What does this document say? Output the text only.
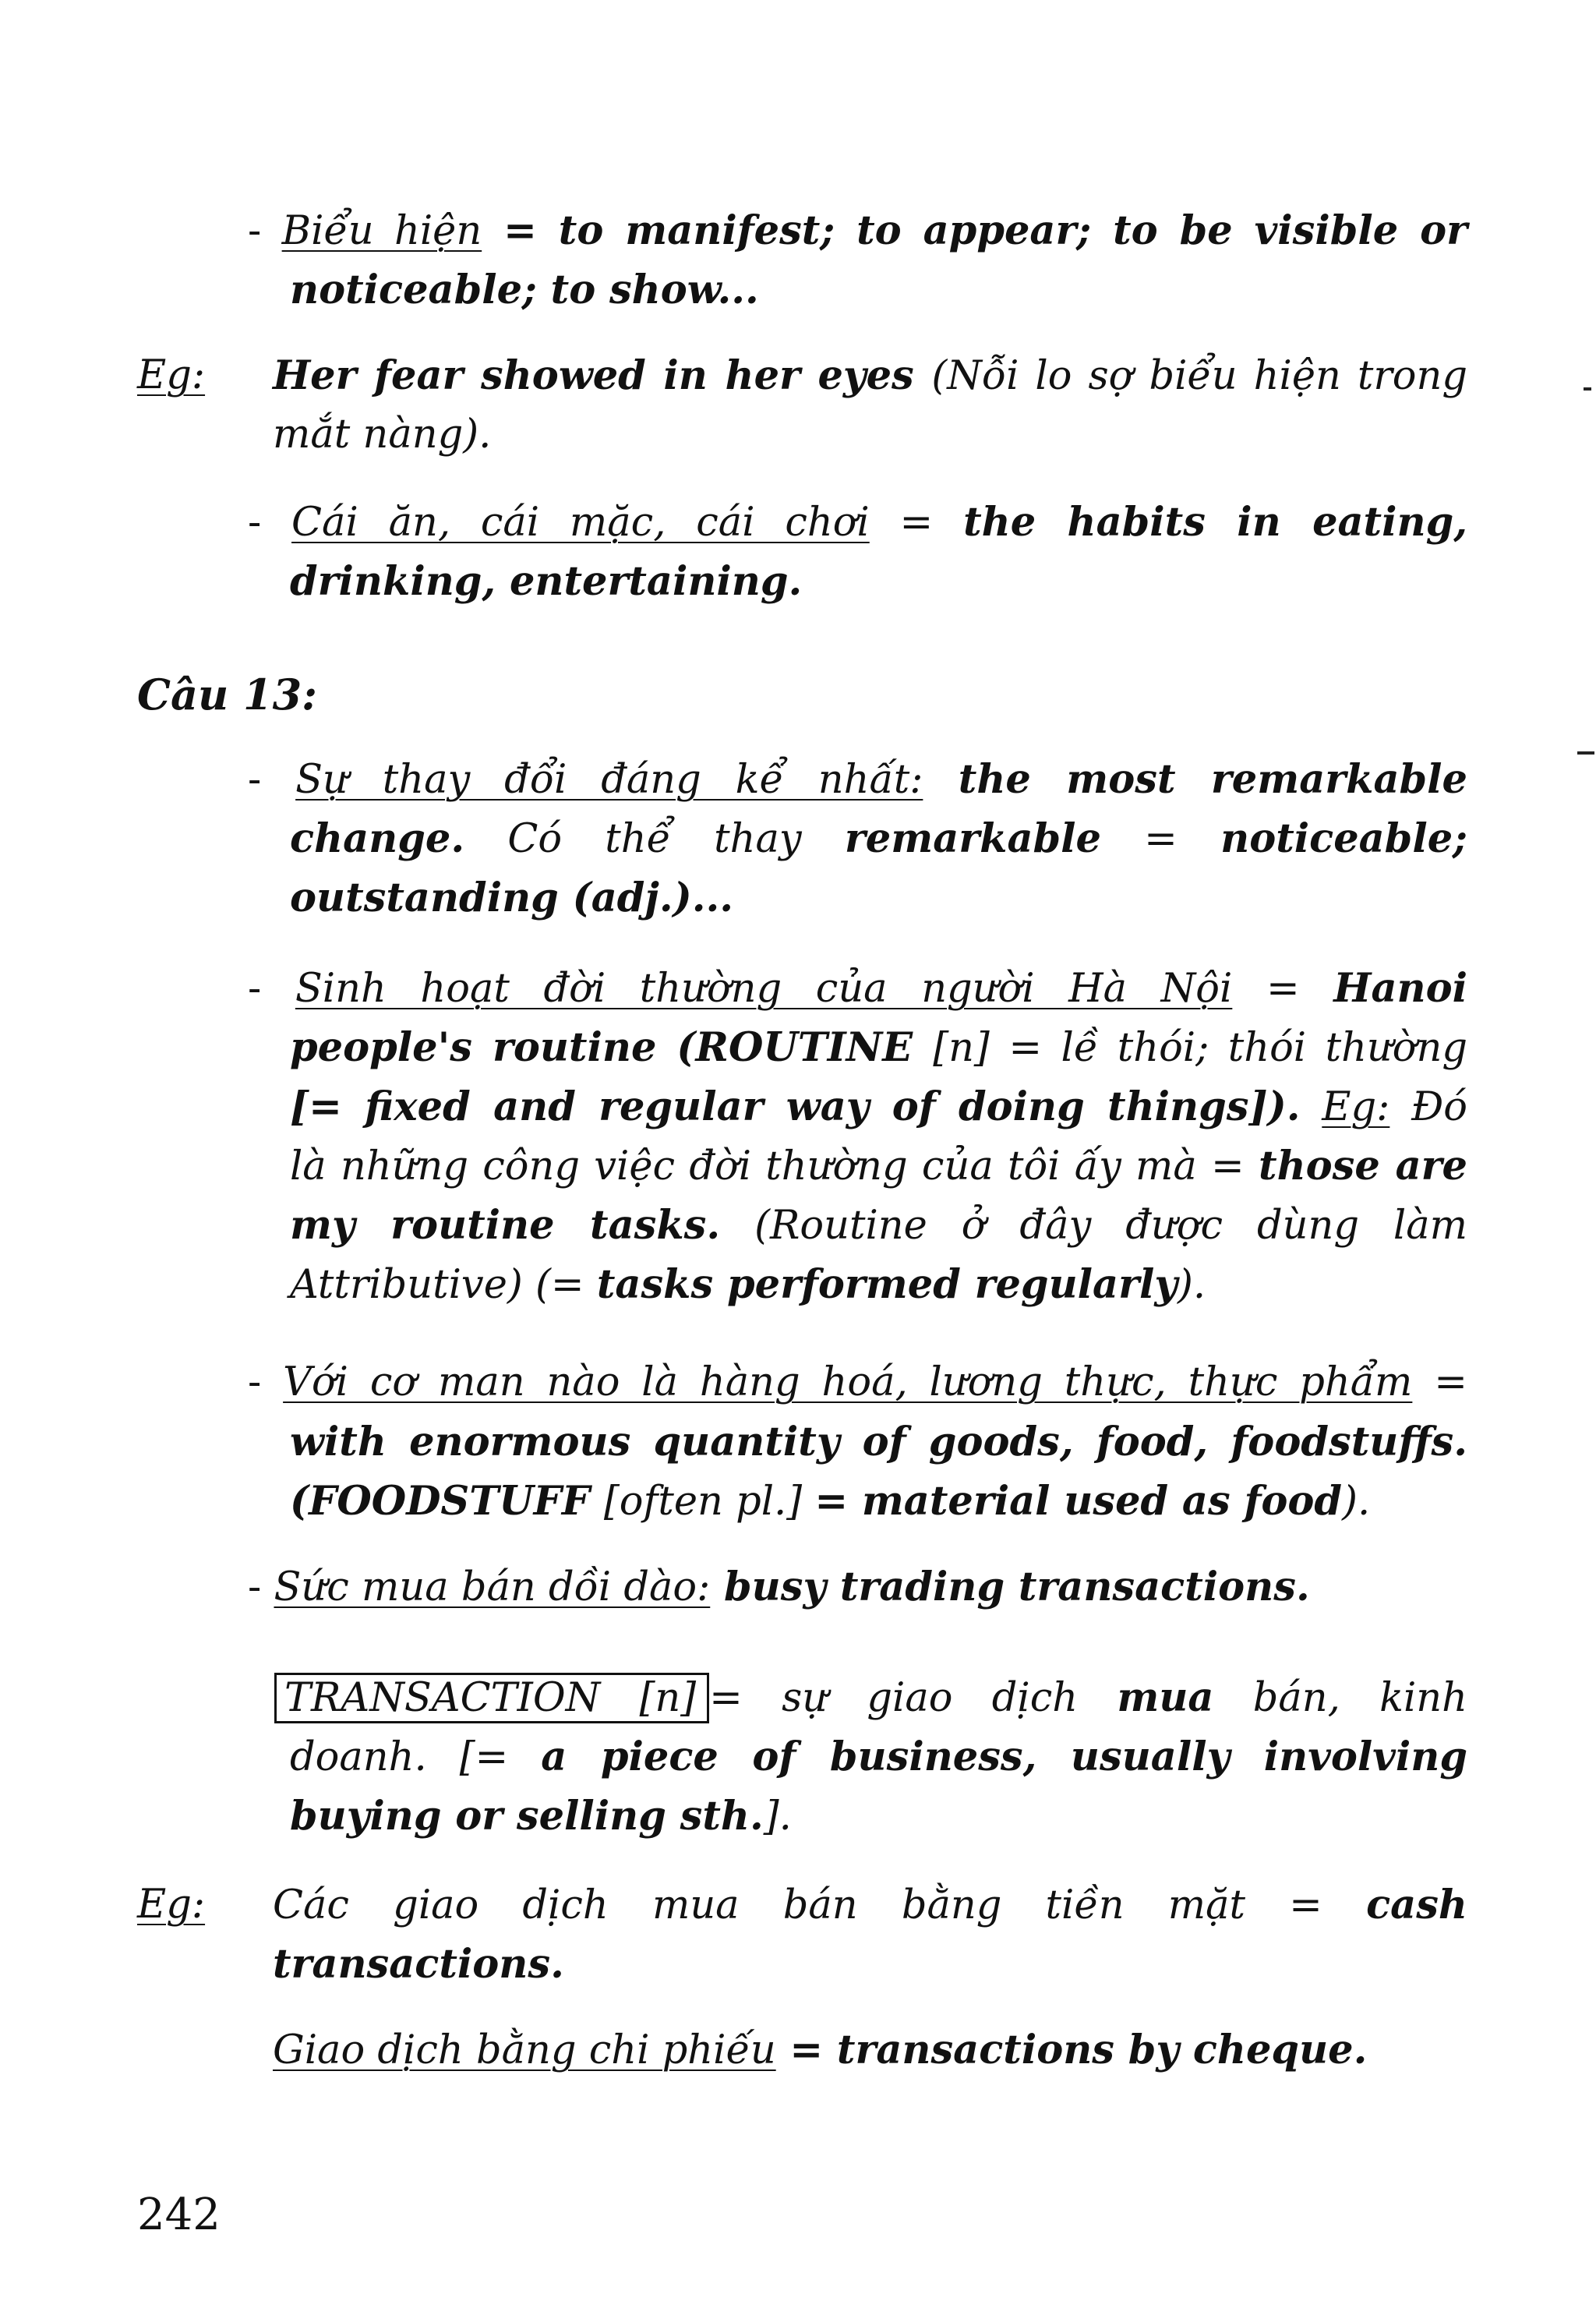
- Biểu hiện = to manifest; to appear; to be visible or
noticeable; to show...
Eg: Her fear showed in her eyes (Nỗi lo sợ biểu hiện trong
mắt nàng).
- Cái ăn, cái mặc, cái chơi = the habits in eating,
drinking, entertaining.
Câu 13:
- Sự thay đổi đáng kể nhất: the most remarkable
change. Có thể thay remarkable = noticeable;
outstanding (adj.)...
- Sinh hoạt đời thường của người Hà Nội = Hanoi
people's routine (ROUTINE [n] = lề thói; thói thường
[= fixed and regular way of doing things]). Eg: Đó
là những công việc đời thường của tôi ấy mà = those are
my routine tasks. (Routine ở đây được dùng làm
Attributive) (= tasks performed regularly).
- Với cơ man nào là hàng hoá, lương thực, thực phẩm =
with enormous quantity of goods, food, foodstuffs.
(FOODSTUFF [often pl.] = material used as food).
- Sức mua bán dồi dào: busy trading transactions.
TRANSACTION [n] = sự giao dịch mua bán, kinh
doanh. [= a piece of business, usually involving
buying or selling sth.].
Eg: Các giao dịch mua bán bằng tiền mặt = cash
transactions.
Giao dịch bằng chi phiếu = transactions by cheque.
242
